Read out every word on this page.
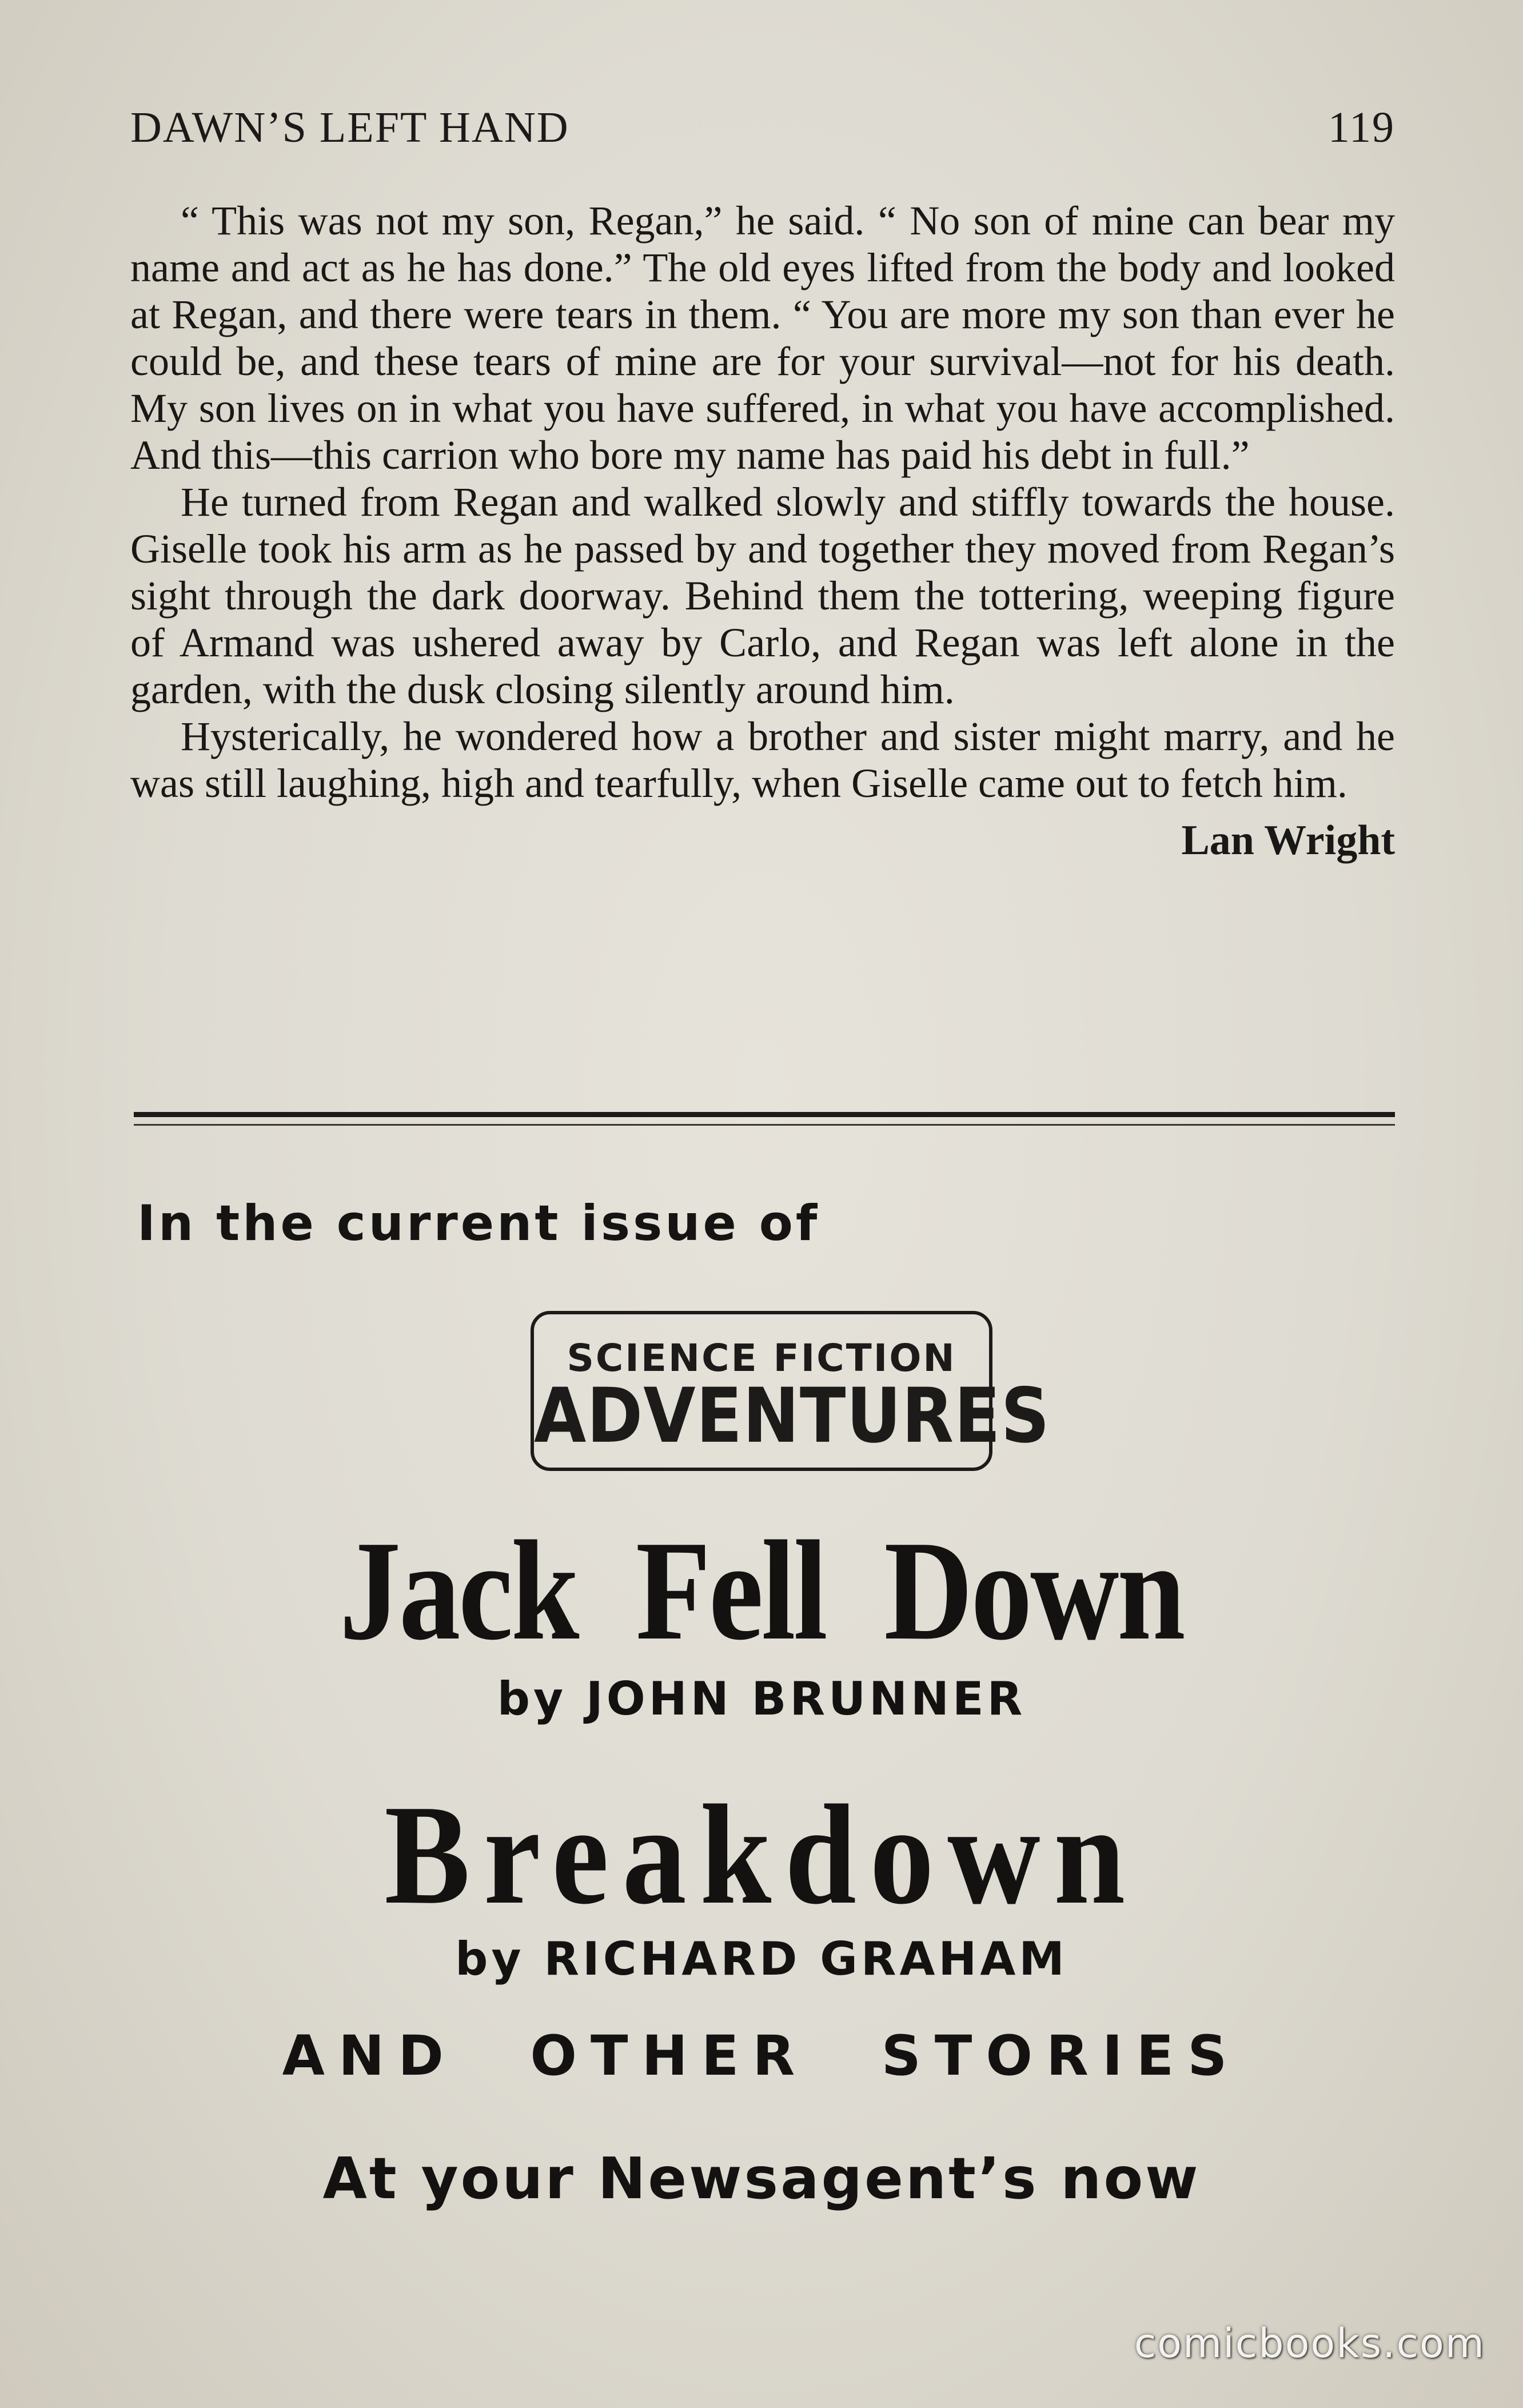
DAWN’S LEFT HAND	119

“ This was not my son, Regan,” he said. “ No son of mine can bear my name and act as he has done.” The old eyes lifted from the body and looked at Regan, and there were tears in them. “ You are more my son than ever he could be, and these tears of mine are for your survival—not for his death. My son lives on in what you have suffered, in what you have accomplished. And this—this carrion who bore my name has paid his debt in full.”

He turned from Regan and walked slowly and stiffly towards the house. Giselle took his arm as he passed by and together they moved from Regan’s sight through the dark doorway. Behind them the tottering, weeping figure of Armand was ushered away by Carlo, and Regan was left alone in the garden, with the dusk closing silently around him.

Hysterically, he wondered how a brother and sister might marry, and he was still laughing, high and tearfully, when Giselle came out to fetch him.

Lan Wright
In the current issue of
SCIENCE FICTION
ADVENTURES
Jack Fell Down
by JOHN BRUNNER
Breakdown
by RICHARD GRAHAM
AND OTHER STORIES
At your Newsagent’s now
comicbooks.com
